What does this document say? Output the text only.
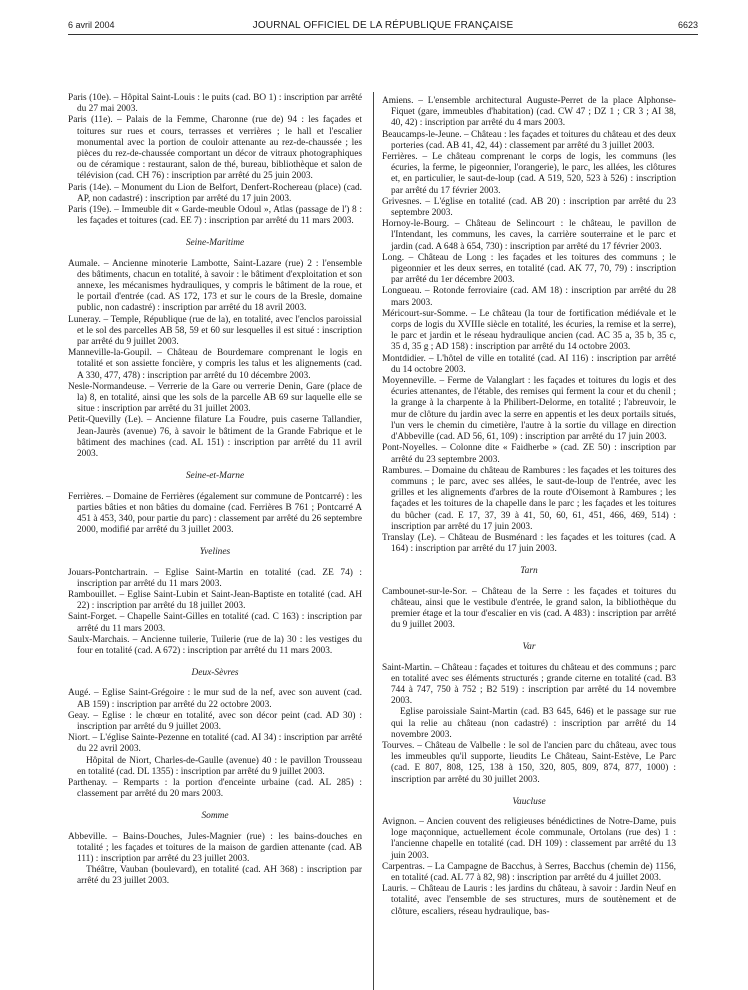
6 avril 2004	JOURNAL OFFICIEL DE LA RÉPUBLIQUE FRANÇAISE	6623
Paris (10e). – Hôpital Saint-Louis : le puits (cad. BO 1) : inscription par arrêté du 27 mai 2003.
Paris (11e). – Palais de la Femme, Charonne (rue de) 94 : les façades et toitures sur rues et cours, terrasses et verrières ; le hall et l'escalier monumental avec la portion de couloir attenante au rez-de-chaussée ; les pièces du rez-de-chaussée comportant un décor de vitraux photographiques ou de céramique : restaurant, salon de thé, bureau, bibliothèque et salon de télévision (cad. CH 76) : inscription par arrêté du 25 juin 2003.
Paris (14e). – Monument du Lion de Belfort, Denfert-Rochereau (place) (cad. AP, non cadastré) : inscription par arrêté du 17 juin 2003.
Paris (19e). – Immeuble dit « Garde-meuble Odoul », Atlas (passage de l') 8 : les façades et toitures (cad. EE 7) : inscription par arrêté du 11 mars 2003.
Seine-Maritime
Aumale. – Ancienne minoterie Lambotte, Saint-Lazare (rue) 2 : l'ensemble des bâtiments, chacun en totalité, à savoir : le bâtiment d'exploitation et son annexe, les mécanismes hydrauliques, y compris le bâtiment de la roue, et le portail d'entrée (cad. AS 172, 173 et sur le cours de la Bresle, domaine public, non cadastré) : inscription par arrêté du 18 avril 2003.
Luneray. – Temple, République (rue de la), en totalité, avec l'enclos paroissial et le sol des parcelles AB 58, 59 et 60 sur lesquelles il est situé : inscription par arrêté du 9 juillet 2003.
Manneville-la-Goupil. – Château de Bourdemare comprenant le logis en totalité et son assiette foncière, y compris les talus et les alignements (cad. A 330, 477, 478) : inscription par arrêté du 10 décembre 2003.
Nesle-Normandeuse. – Verrerie de la Gare ou verrerie Denin, Gare (place de la) 8, en totalité, ainsi que les sols de la parcelle AB 69 sur laquelle elle se situe : inscription par arrêté du 31 juillet 2003.
Petit-Quevilly (Le). – Ancienne filature La Foudre, puis caserne Tallandier, Jean-Jaurès (avenue) 76, à savoir le bâtiment de la Grande Fabrique et le bâtiment des machines (cad. AL 151) : inscription par arrêté du 11 avril 2003.
Seine-et-Marne
Ferrières. – Domaine de Ferrières (également sur commune de Pontcarré) : les parties bâties et non bâties du domaine (cad. Ferrières B 761 ; Pontcarré A 451 à 453, 340, pour partie du parc) : classement par arrêté du 26 septembre 2000, modifié par arrêté du 3 juillet 2003.
Yvelines
Jouars-Pontchartrain. – Eglise Saint-Martin en totalité (cad. ZE 74) : inscription par arrêté du 11 mars 2003.
Rambouillet. – Eglise Saint-Lubin et Saint-Jean-Baptiste en totalité (cad. AH 22) : inscription par arrêté du 18 juillet 2003.
Saint-Forget. – Chapelle Saint-Gilles en totalité (cad. C 163) : inscription par arrêté du 11 mars 2003.
Saulx-Marchais. – Ancienne tuilerie, Tuilerie (rue de la) 30 : les vestiges du four en totalité (cad. A 672) : inscription par arrêté du 11 mars 2003.
Deux-Sèvres
Augé. – Eglise Saint-Grégoire : le mur sud de la nef, avec son auvent (cad. AB 159) : inscription par arrêté du 22 octobre 2003.
Geay. – Eglise : le chœur en totalité, avec son décor peint (cad. AD 30) : inscription par arrêté du 9 juillet 2003.
Niort. – L'église Sainte-Pezenne en totalité (cad. AI 34) : inscription par arrêté du 22 avril 2003.
Hôpital de Niort, Charles-de-Gaulle (avenue) 40 : le pavillon Trousseau en totalité (cad. DL 1355) : inscription par arrêté du 9 juillet 2003.
Parthenay. – Remparts : la portion d'enceinte urbaine (cad. AL 285) : classement par arrêté du 20 mars 2003.
Somme
Abbeville. – Bains-Douches, Jules-Magnier (rue) : les bains-douches en totalité ; les façades et toitures de la maison de gardien attenante (cad. AB 111) : inscription par arrêté du 23 juillet 2003.
Théâtre, Vauban (boulevard), en totalité (cad. AH 368) : inscription par arrêté du 23 juillet 2003.
Amiens. – L'ensemble architectural Auguste-Perret de la place Alphonse-Fiquet (gare, immeubles d'habitation) (cad. CW 47 ; DZ 1 ; CR 3 ; AI 38, 40, 42) : inscription par arrêté du 4 mars 2003.
Beaucamps-le-Jeune. – Château : les façades et toitures du château et des deux porteries (cad. AB 41, 42, 44) : classement par arrêté du 3 juillet 2003.
Ferrières. – Le château comprenant le corps de logis, les communs (les écuries, la ferme, le pigeonnier, l'orangerie), le parc, les allées, les clôtures et, en particulier, le saut-de-loup (cad. A 519, 520, 523 à 526) : inscription par arrêté du 17 février 2003.
Grivesnes. – L'église en totalité (cad. AB 20) : inscription par arrêté du 23 septembre 2003.
Hornoy-le-Bourg. – Château de Selincourt : le château, le pavillon de l'Intendant, les communs, les caves, la carrière souterraine et le parc et jardin (cad. A 648 à 654, 730) : inscription par arrêté du 17 février 2003.
Long. – Château de Long : les façades et les toitures des communs ; le pigeonnier et les deux serres, en totalité (cad. AK 77, 70, 79) : inscription par arrêté du 1er décembre 2003.
Longueau. – Rotonde ferroviaire (cad. AM 18) : inscription par arrêté du 28 mars 2003.
Méricourt-sur-Somme. – Le château (la tour de fortification médiévale et le corps de logis du XVIIIe siècle en totalité, les écuries, la remise et la serre), le parc et jardin et le réseau hydraulique ancien (cad. AC 35 a, 35 b, 35 c, 35 d, 35 g ; AD 158) : inscription par arrêté du 14 octobre 2003.
Montdidier. – L'hôtel de ville en totalité (cad. AI 116) : inscription par arrêté du 14 octobre 2003.
Moyenneville. – Ferme de Valanglart : les façades et toitures du logis et des écuries attenantes, de l'étable, des remises qui ferment la cour et du chenil ; la grange à la charpente à la Philibert-Delorme, en totalité ; l'abreuvoir, le mur de clôture du jardin avec la serre en appentis et les deux portails situés, l'un vers le chemin du cimetière, l'autre à la sortie du village en direction d'Abbeville (cad. AD 56, 61, 109) : inscription par arrêté du 17 juin 2003.
Pont-Noyelles. – Colonne dite « Faidherbe » (cad. ZE 50) : inscription par arrêté du 23 septembre 2003.
Rambures. – Domaine du château de Rambures : les façades et les toitures des communs ; le parc, avec ses allées, le saut-de-loup de l'entrée, avec les grilles et les alignements d'arbres de la route d'Oisemont à Rambures ; les façades et les toitures de la chapelle dans le parc ; les façades et les toitures du bûcher (cad. E 17, 37, 39 à 41, 50, 60, 61, 451, 466, 469, 514) : inscription par arrêté du 17 juin 2003.
Translay (Le). – Château de Busménard : les façades et les toitures (cad. A 164) : inscription par arrêté du 17 juin 2003.
Tarn
Cambounet-sur-le-Sor. – Château de la Serre : les façades et toitures du château, ainsi que le vestibule d'entrée, le grand salon, la bibliothèque du premier étage et la tour d'escalier en vis (cad. A 483) : inscription par arrêté du 9 juillet 2003.
Var
Saint-Martin. – Château : façades et toitures du château et des communs ; parc en totalité avec ses éléments structurés ; grande citerne en totalité (cad. B3 744 à 747, 750 à 752 ; B2 519) : inscription par arrêté du 14 novembre 2003.
Eglise paroissiale Saint-Martin (cad. B3 645, 646) et le passage sur rue qui la relie au château (non cadastré) : inscription par arrêté du 14 novembre 2003.
Tourves. – Château de Valbelle : le sol de l'ancien parc du château, avec tous les immeubles qu'il supporte, lieudits Le Château, Saint-Estève, Le Parc (cad. E 807, 808, 125, 138 à 150, 320, 805, 809, 874, 877, 1000) : inscription par arrêté du 30 juillet 2003.
Vaucluse
Avignon. – Ancien couvent des religieuses bénédictines de Notre-Dame, puis loge maçonnique, actuellement école communale, Ortolans (rue des) 1 : l'ancienne chapelle en totalité (cad. DH 109) : classement par arrêté du 13 juin 2003.
Carpentras. – La Campagne de Bacchus, à Serres, Bacchus (chemin de) 1156, en totalité (cad. AL 77 à 82, 98) : inscription par arrêté du 4 juillet 2003.
Lauris. – Château de Lauris : les jardins du château, à savoir : Jardin Neuf en totalité, avec l'ensemble de ses structures, murs de soutènement et de clôture, escaliers, réseau hydraulique, bas-
